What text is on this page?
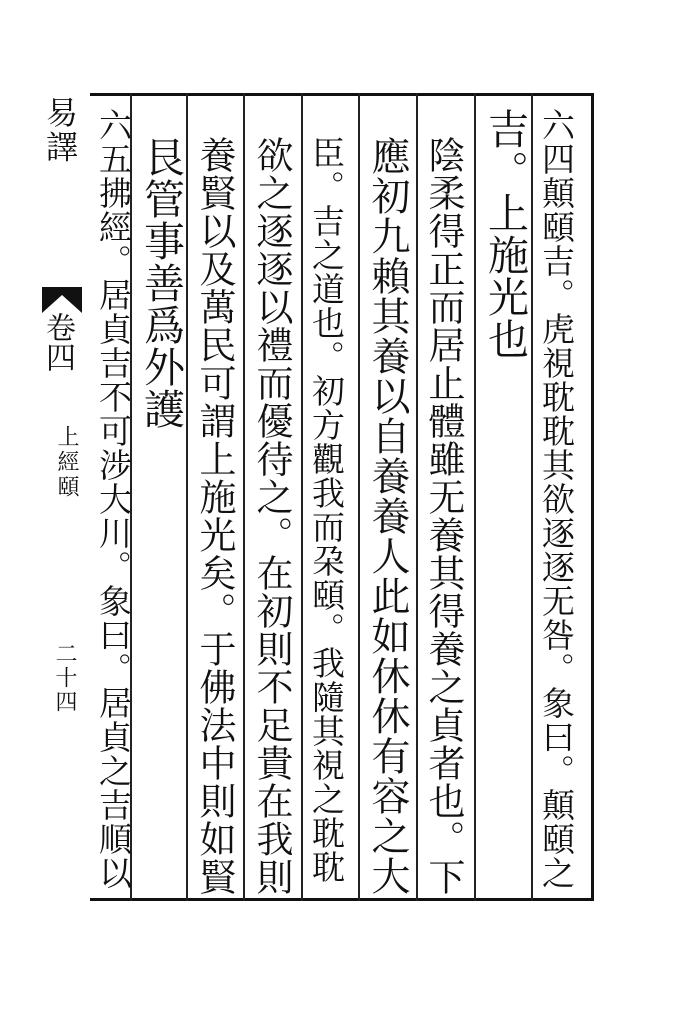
易譯
卷四
上經頤
二十四	六四顛頤吉。虎視耽耽其欲逐逐无咎。象曰。顛頤之
吉。上施光也
陰柔得正而居止體雖无養其得養之貞者也。下
應初九賴其養以自養養人此如休休有容之大
臣。吉之道也。初方觀我而朶頤。我隨其視之耽耽
欲之逐逐以禮而優待之。在初則不足貴在我則
養賢以及萬民可謂上施光矣。于佛法中則如賢
艮管事善爲外護
六五拂經。居貞吉不可涉大川。象曰。居貞之吉順以
